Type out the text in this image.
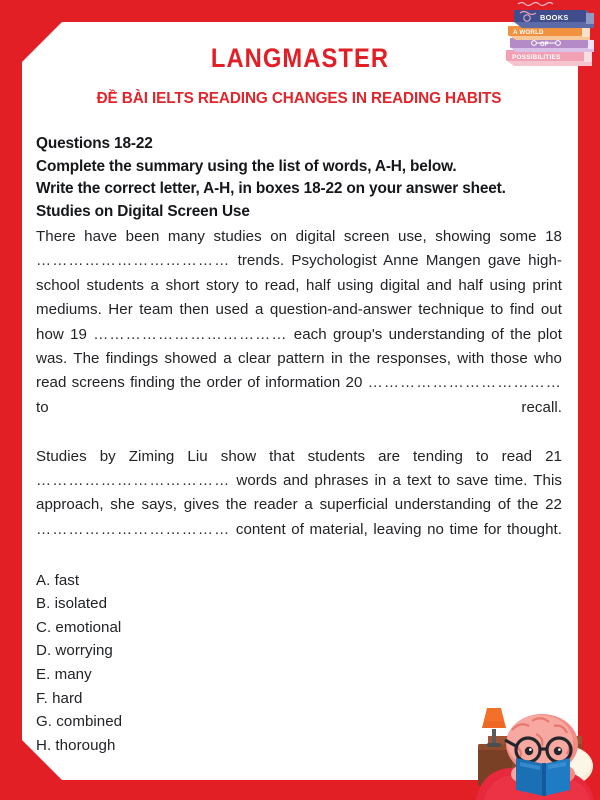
LANGMASTER
ĐỀ BÀI IELTS READING CHANGES IN READING HABITS
POSSIBILITIES
OF
A WORLD
BOOKS
Questions 18-22
Complete the summary using the list of words, A-H, below.
Write the correct letter, A-H, in boxes 18-22 on your answer sheet.
Studies on Digital Screen Use
There have been many studies on digital screen use, showing some 18 ……………………………… trends. Psychologist Anne Mangen gave high-school students a short story to read, half using digital and half using print mediums. Her team then used a question-and-answer technique to find out how 19 ……………………………… each group's understanding of the plot was. The findings showed a clear pattern in the responses, with those who read screens finding the order of information 20 ……………………………… to recall.
Studies by Ziming Liu show that students are tending to read 21 ……………………………… words and phrases in a text to save time. This approach, she says, gives the reader a superficial understanding of the 22 ……………………………… content of material, leaving no time for thought.
A. fast
B. isolated
C. emotional
D. worrying
E. many
F. hard
G. combined
H. thorough
